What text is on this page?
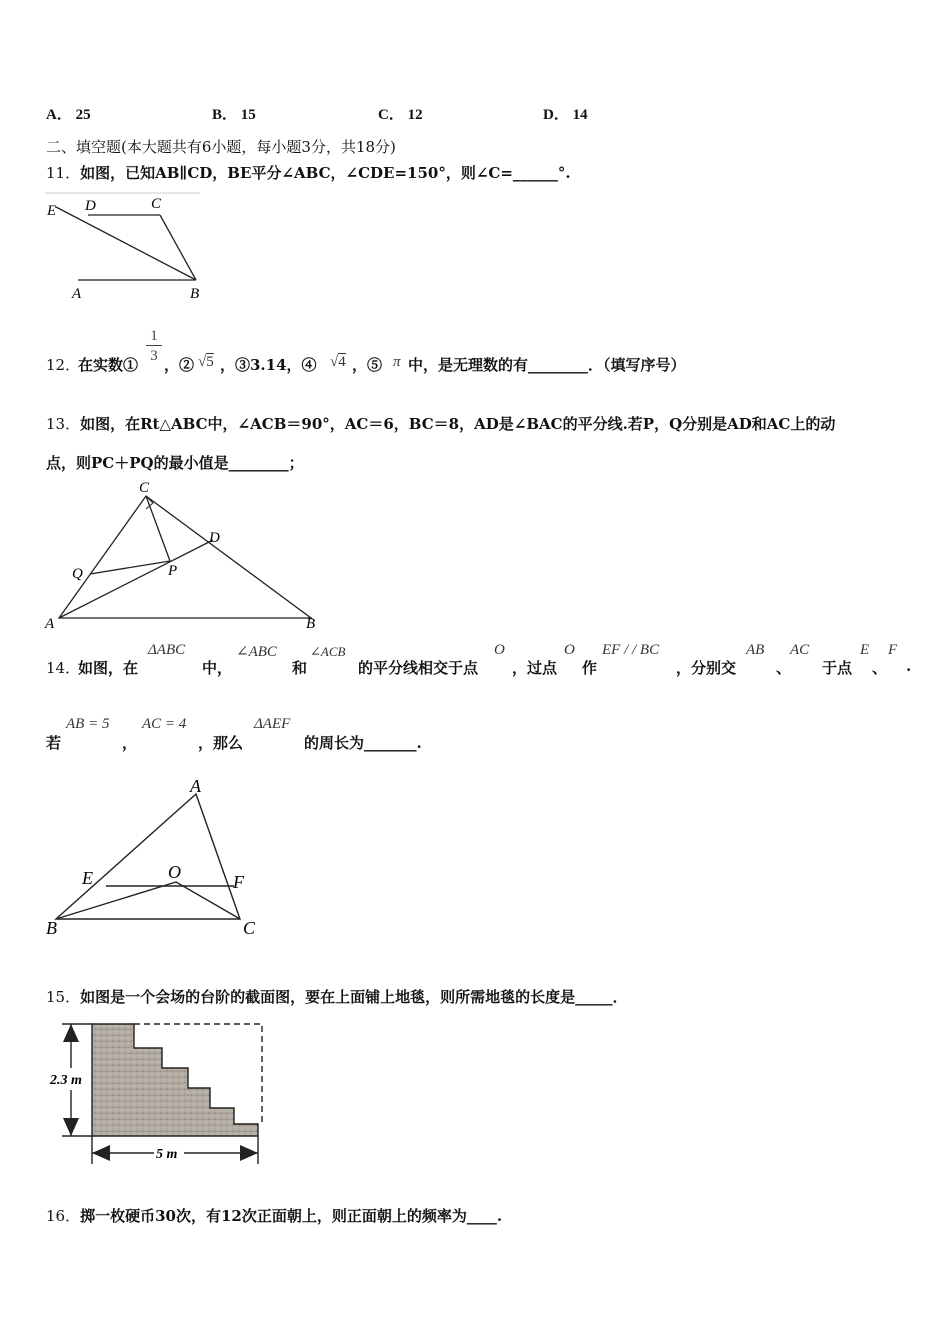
A． 25	B． 15	C． 12	D． 14
二、填空题(本大题共有6小题，每小题3分，共18分)
11．如图，已知AB∥CD，BE平分∠ABC，∠CDE=150°，则∠C=______°.
E D	C
A	B
12．
在实数① $\frac{1}{3}$ ，② √5 ，③3.14，④ √4 ，⑤ π 中，是无理数的有________．（填写序号）
13．如图，在Rt△ABC中，∠ACB＝90°，AC＝6，BC＝8，AD是∠BAC的平分线.若P，Q分别是AD和AC上的动
点，则PC＋PQ的最小值是________；
C
D
Q	P
A	B
14．
如图，在
ΔABC
中，
∠ABC
和
∠ACB
的平分线相交于点
O
，过点
O
作
EF / / BC
，分别交
AB
、
AC
于点
E
、
F
.
若
AB = 5
，
AC = 4
，那么
ΔAEF
的周长为_______.
A
E	O	F
B	C
15．如图是一个会场的台阶的截面图，要在上面铺上地毯，则所需地毯的长度是_____．
2.3 m
5 m
16．掷一枚硬币30次，有12次正面朝上，则正面朝上的频率为____.
